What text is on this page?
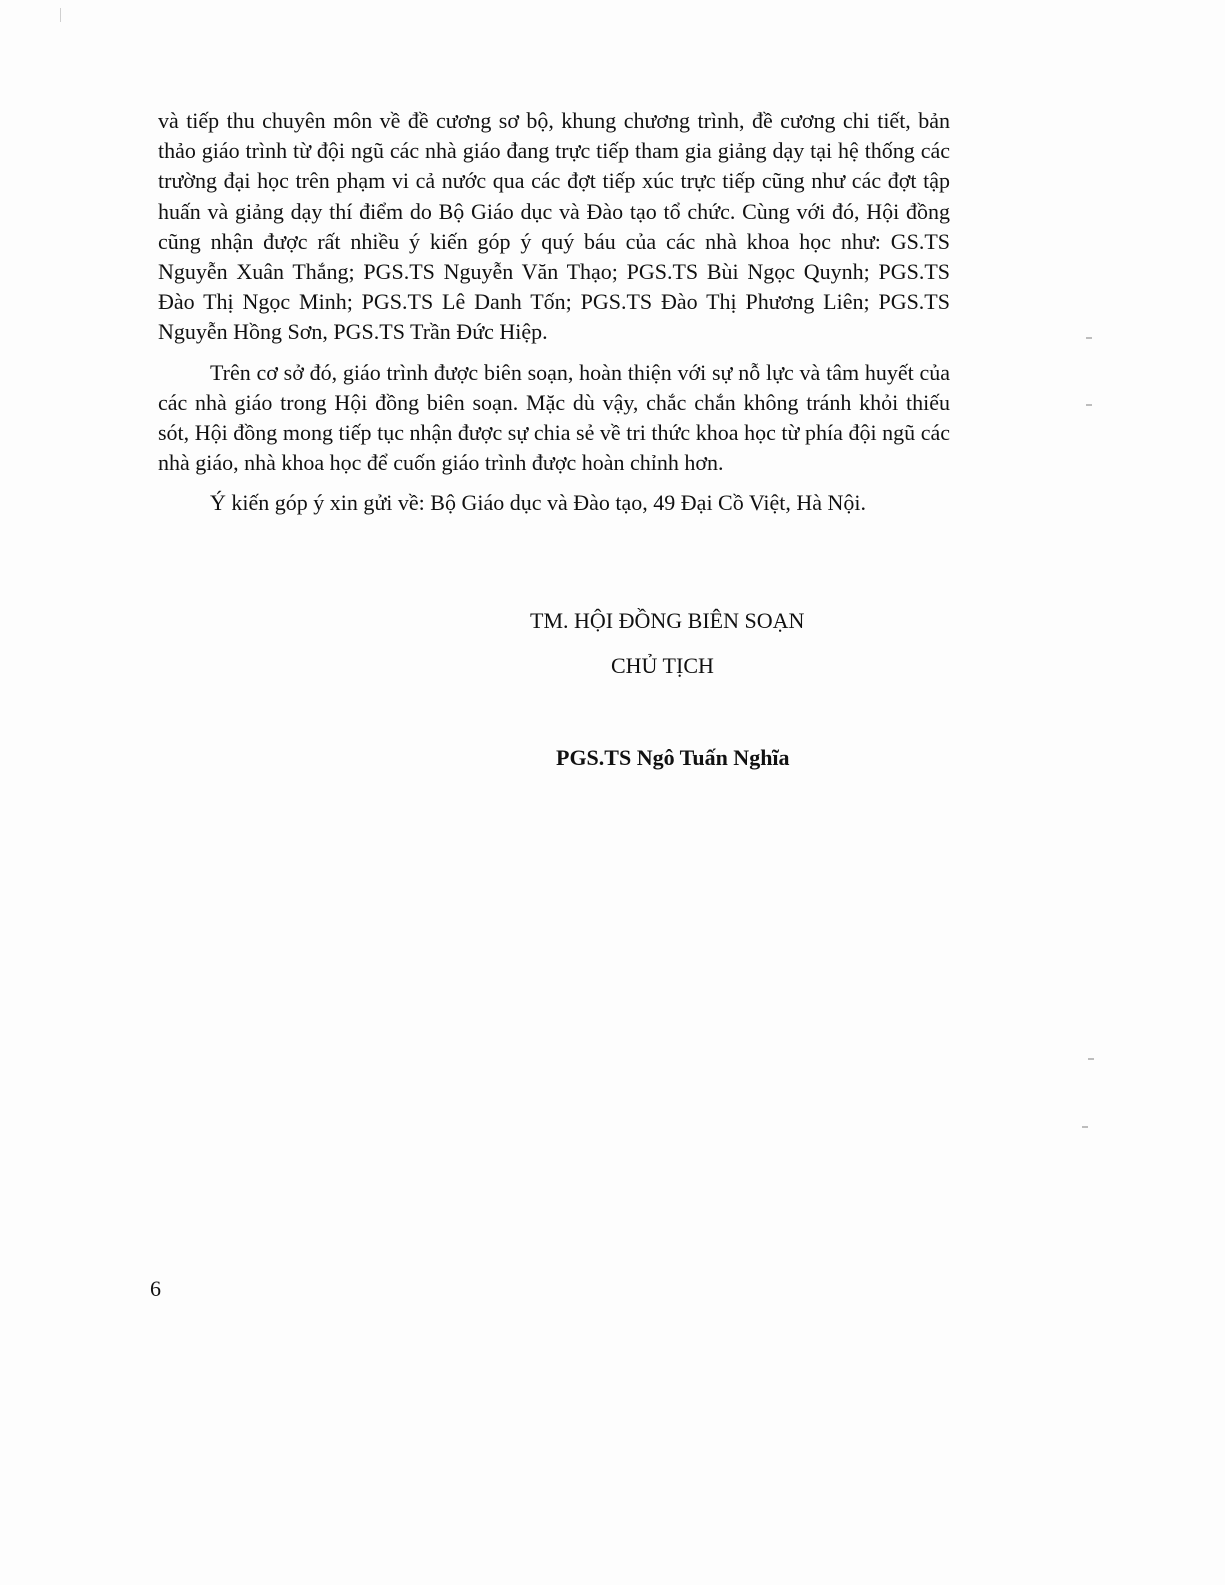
và tiếp thu chuyên môn về đề cương sơ bộ, khung chương trình, đề cương chi tiết, bản thảo giáo trình từ đội ngũ các nhà giáo đang trực tiếp tham gia giảng dạy tại hệ thống các trường đại học trên phạm vi cả nước qua các đợt tiếp xúc trực tiếp cũng như các đợt tập huấn và giảng dạy thí điểm do Bộ Giáo dục và Đào tạo tổ chức. Cùng với đó, Hội đồng cũng nhận được rất nhiều ý kiến góp ý quý báu của các nhà khoa học như: GS.TS Nguyễn Xuân Thắng; PGS.TS Nguyễn Văn Thạo; PGS.TS Bùi Ngọc Quynh; PGS.TS Đào Thị Ngọc Minh; PGS.TS Lê Danh Tốn; PGS.TS Đào Thị Phương Liên; PGS.TS Nguyễn Hồng Sơn, PGS.TS Trần Đức Hiệp.

Trên cơ sở đó, giáo trình được biên soạn, hoàn thiện với sự nỗ lực và tâm huyết của các nhà giáo trong Hội đồng biên soạn. Mặc dù vậy, chắc chắn không tránh khỏi thiếu sót, Hội đồng mong tiếp tục nhận được sự chia sẻ về tri thức khoa học từ phía đội ngũ các nhà giáo, nhà khoa học để cuốn giáo trình được hoàn chỉnh hơn.

Ý kiến góp ý xin gửi về: Bộ Giáo dục và Đào tạo, 49 Đại Cồ Việt, Hà Nội.

TM. HỘI ĐỒNG BIÊN SOẠN
CHỦ TỊCH
PGS.TS Ngô Tuấn Nghĩa
6
